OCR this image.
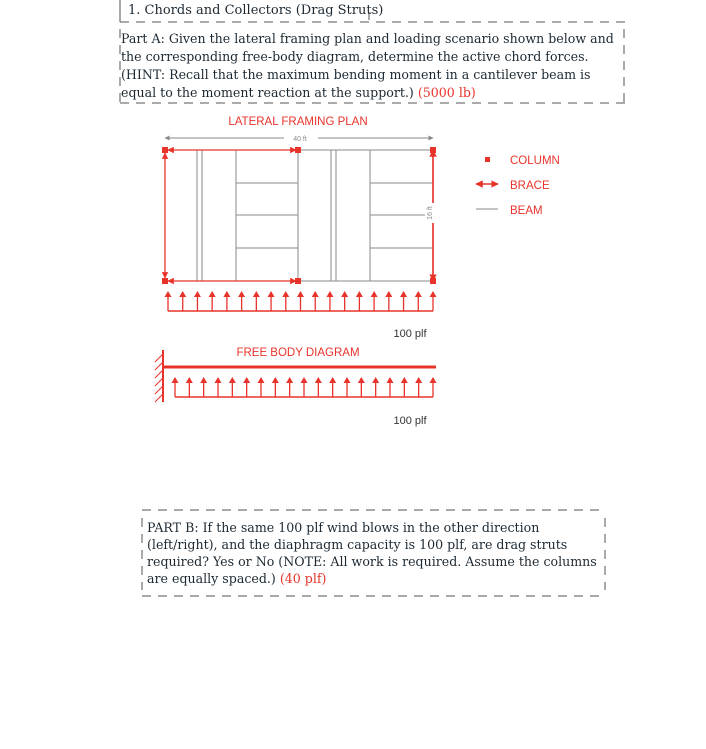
1. Chords and Collectors (Drag Struts)
Part A: Given the lateral framing plan and loading scenario shown below and the corresponding free-body diagram, determine the active chord forces. (HINT: Recall that the maximum bending moment in a cantilever beam is equal to the moment reaction at the support.) (5000 lb)
LATERAL FRAMING PLAN
40 ft
16 ft
100 plf
FREE BODY DIAGRAM
100 plf
COLUMN
BRACE
BEAM
PART B: If the same 100 plf wind blows in the other direction (left/right), and the diaphragm capacity is 100 plf, are drag struts required? Yes or No (NOTE: All work is required. Assume the columns are equally spaced.) (40 plf)
